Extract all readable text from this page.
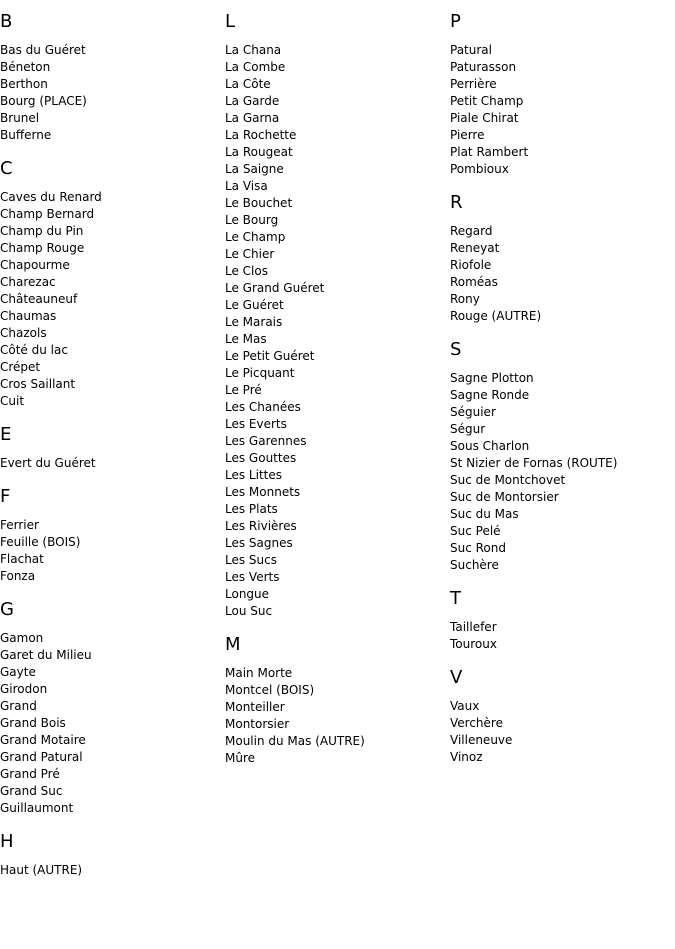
B
Bas du Guéret
Béneton
Berthon
Bourg (PLACE)
Brunel
Bufferne
C
Caves du Renard
Champ Bernard
Champ du Pin
Champ Rouge
Chapourme
Charezac
Châteauneuf
Chaumas
Chazols
Côté du lac
Crépet
Cros Saillant
Cuit
E
Evert du Guéret
F
Ferrier
Feuille (BOIS)
Flachat
Fonza
G
Gamon
Garet du Milieu
Gayte
Girodon
Grand
Grand Bois
Grand Motaire
Grand Patural
Grand Pré
Grand Suc
Guillaumont
H
Haut (AUTRE)
L
La Chana
La Combe
La Côte
La Garde
La Garna
La Rochette
La Rougeat
La Saigne
La Visa
Le Bouchet
Le Bourg
Le Champ
Le Chier
Le Clos
Le Grand Guéret
Le Guéret
Le Marais
Le Mas
Le Petit Guéret
Le Picquant
Le Pré
Les Chanées
Les Everts
Les Garennes
Les Gouttes
Les Littes
Les Monnets
Les Plats
Les Rivières
Les Sagnes
Les Sucs
Les Verts
Longue
Lou Suc
M
Main Morte
Montcel (BOIS)
Monteiller
Montorsier
Moulin du Mas (AUTRE)
Mûre
P
Patural
Paturasson
Perrière
Petit Champ
Piale Chirat
Pierre
Plat Rambert
Pombioux
R
Regard
Reneyat
Riofole
Roméas
Rony
Rouge (AUTRE)
S
Sagne Plotton
Sagne Ronde
Séguier
Ségur
Sous Charlon
St Nizier de Fornas (ROUTE)
Suc de Montchovet
Suc de Montorsier
Suc du Mas
Suc Pelé
Suc Rond
Suchère
T
Taillefer
Touroux
V
Vaux
Verchère
Villeneuve
Vinoz
